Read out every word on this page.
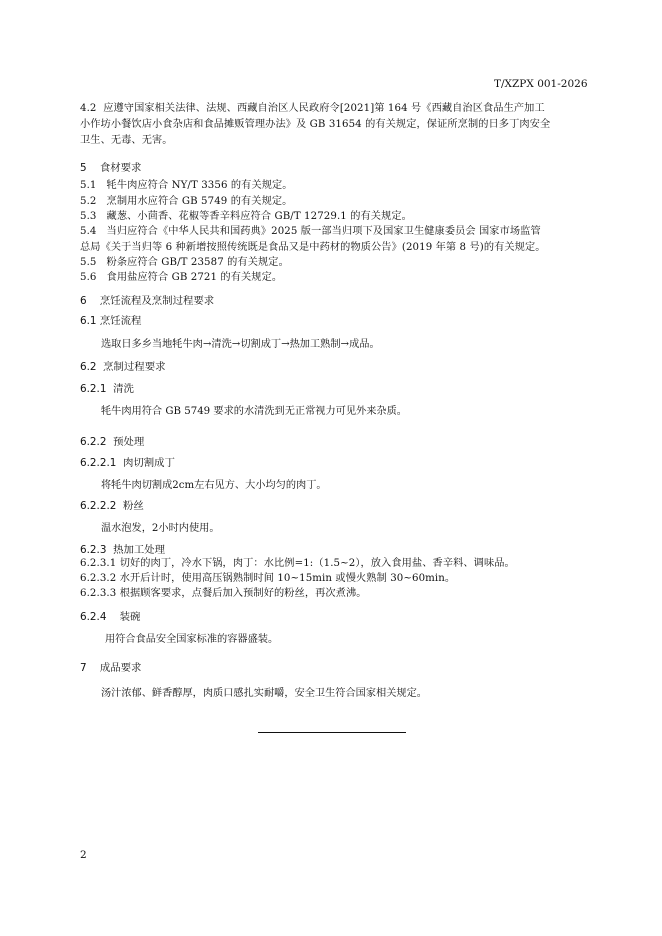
T/XZPX 001-2026
4.2 应遵守国家相关法律、法规、西藏自治区人民政府令[2021]第 164 号《西藏自治区食品生产加工
小作坊小餐饮店小食杂店和食品摊贩管理办法》及 GB 31654 的有关规定，保证所烹制的日多丁肉安全
卫生、无毒、无害。
5 食材要求
5.1 牦牛肉应符合 NY/T 3356 的有关规定。
5.2 烹制用水应符合 GB 5749 的有关规定。
5.3 藏葱、小茴香、花椒等香辛料应符合 GB/T 12729.1 的有关规定。
5.4 当归应符合《中华人民共和国药典》2025 版一部当归项下及国家卫生健康委员会 国家市场监管
总局《关于当归等 6 种新增按照传统既是食品又是中药材的物质公告》(2019 年第 8 号)的有关规定。
5.5 粉条应符合 GB/T 23587 的有关规定。
5.6 食用盐应符合 GB 2721 的有关规定。
6 烹饪流程及烹制过程要求
6.1 烹饪流程
选取日多乡当地牦牛肉→清洗→切割成丁→热加工熟制→成品。
6.2 烹制过程要求
6.2.1 清洗
牦牛肉用符合 GB 5749 要求的水清洗到无正常视力可见外来杂质。
6.2.2 预处理
6.2.2.1 肉切割成丁
将牦牛肉切割成2cm左右见方、大小均匀的肉丁。
6.2.2.2 粉丝
温水泡发，2小时内使用。
6.2.3 热加工处理
6.2.3.1 切好的肉丁，冷水下锅，肉丁：水比例=1:（1.5~2），放入食用盐、香辛料、调味品。
6.2.3.2 水开后计时，使用高压锅熟制时间 10~15min 或慢火熟制 30~60min。
6.2.3.3 根据顾客要求，点餐后加入预制好的粉丝，再次煮沸。
6.2.4 装碗
用符合食品安全国家标准的容器盛装。
7 成品要求
汤汁浓郁、鲜香醇厚，肉质口感扎实耐嚼，安全卫生符合国家相关规定。
2
